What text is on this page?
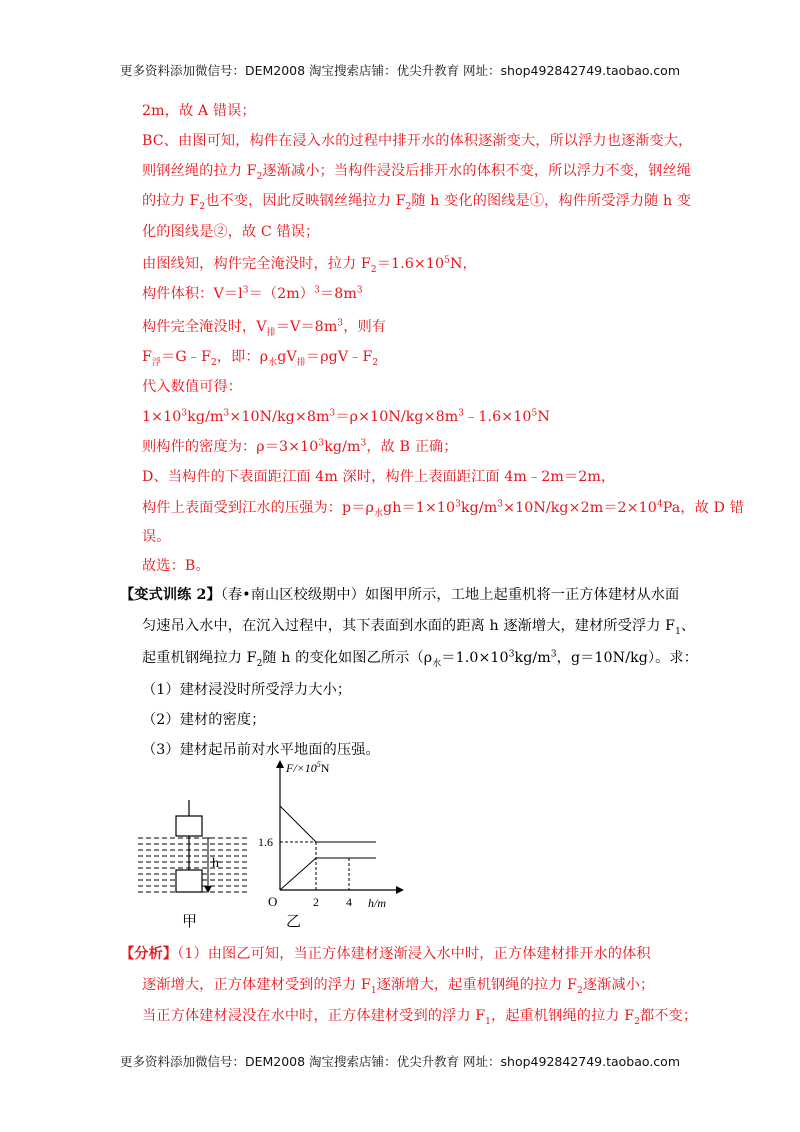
更多资料添加微信号：DEM2008 淘宝搜索店铺：优尖升教育 网址：shop492842749.taobao.com
2m，故 A 错误；
BC、由图可知，构件在浸入水的过程中排开水的体积逐渐变大，所以浮力也逐渐变大，
则钢丝绳的拉力 $F_2$逐渐减小；当构件浸没后排开水的体积不变，所以浮力不变，钢丝绳
的拉力 $F_2$也不变，因此反映钢丝绳拉力 $F_2$随 h 变化的图线是①，构件所受浮力随 h 变
化的图线是②，故 C 错误；
由图线知，构件完全淹没时，拉力 $F_2=1.6\times 10^5N$，
构件体积：$V=l^3=(2m)^3=8m^3$
构件完全淹没时，$V_排=V=8m^3$，则有
$F_浮=G﹣F_2$，即：$\rho_水gV_排=\rho gV﹣F_2$
代入数值可得：
$1\times 10^3kg/m^3\times 10N/kg\times 8m^3=\rho\times 10N/kg\times 8m^3﹣1.6\times 10^5N$
则构件的密度为：$\rho=3\times 10^3kg/m^3$，故 B 正确；
D、当构件的下表面距江面 4m 深时，构件上表面距江面 4m﹣2m＝2m，
构件上表面受到江水的压强为：$p=\rho_水gh=1\times 10^3kg/m^3\times 10N/kg\times 2m=2\times 10^4Pa$，故 D 错
误。
故选：B。
【变式训练 2】（春•南山区校级期中）如图甲所示，工地上起重机将一正方体建材从水面
匀速吊入水中，在沉入过程中，其下表面到水面的距离 h 逐渐增大，建材所受浮力 $F_1$、
起重机钢绳拉力 $F_2$随 h 的变化如图乙所示（$\rho_水=1.0\times 10^3kg/m^3$，g＝10N/kg）。求：
（1）建材浸没时所受浮力大小；
（2）建材的密度；
（3）建材起吊前对水平地面的压强。
h
$F/\times 10^5N$
1.6
O	2 4 h/m
甲	乙
【分析】（1）由图乙可知，当正方体建材逐渐浸入水中时，正方体建材排开水的体积
逐渐增大，正方体建材受到的浮力 $F_1$逐渐增大，起重机钢绳的拉力 $F_2$逐渐减小；
当正方体建材浸没在水中时，正方体建材受到的浮力 $F_1$，起重机钢绳的拉力 $F_2$都不变；
更多资料添加微信号：DEM2008 淘宝搜索店铺：优尖升教育 网址：shop492842749.taobao.com
